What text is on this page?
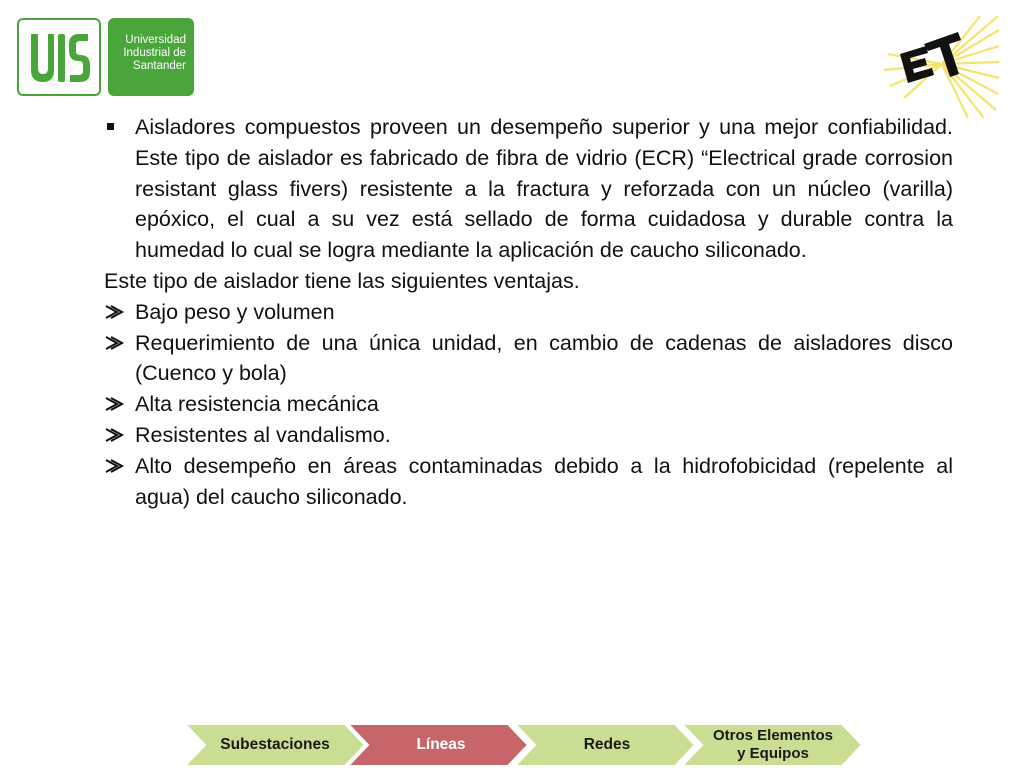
Universidad
Industrial de
Santander
Aisladores compuestos proveen un desempeño superior y una mejor confiabilidad. Este tipo de aislador es fabricado de fibra de vidrio (ECR) “Electrical grade corrosion resistant glass fivers) resistente a la fractura y reforzada con un núcleo (varilla) epóxico, el cual a su vez está sellado de forma cuidadosa y durable contra la humedad lo cual se logra mediante la aplicación de caucho siliconado.
Este tipo de aislador tiene las siguientes ventajas.
Bajo peso y volumen
Requerimiento de una única unidad, en cambio de cadenas de aisladores disco (Cuenco y bola)
Alta resistencia mecánica
Resistentes al vandalismo.
Alto desempeño en áreas contaminadas debido a la hidrofobicidad (repelente al agua) del caucho siliconado.
Subestaciones	Líneas	Redes
Otros Elementos
y Equipos
